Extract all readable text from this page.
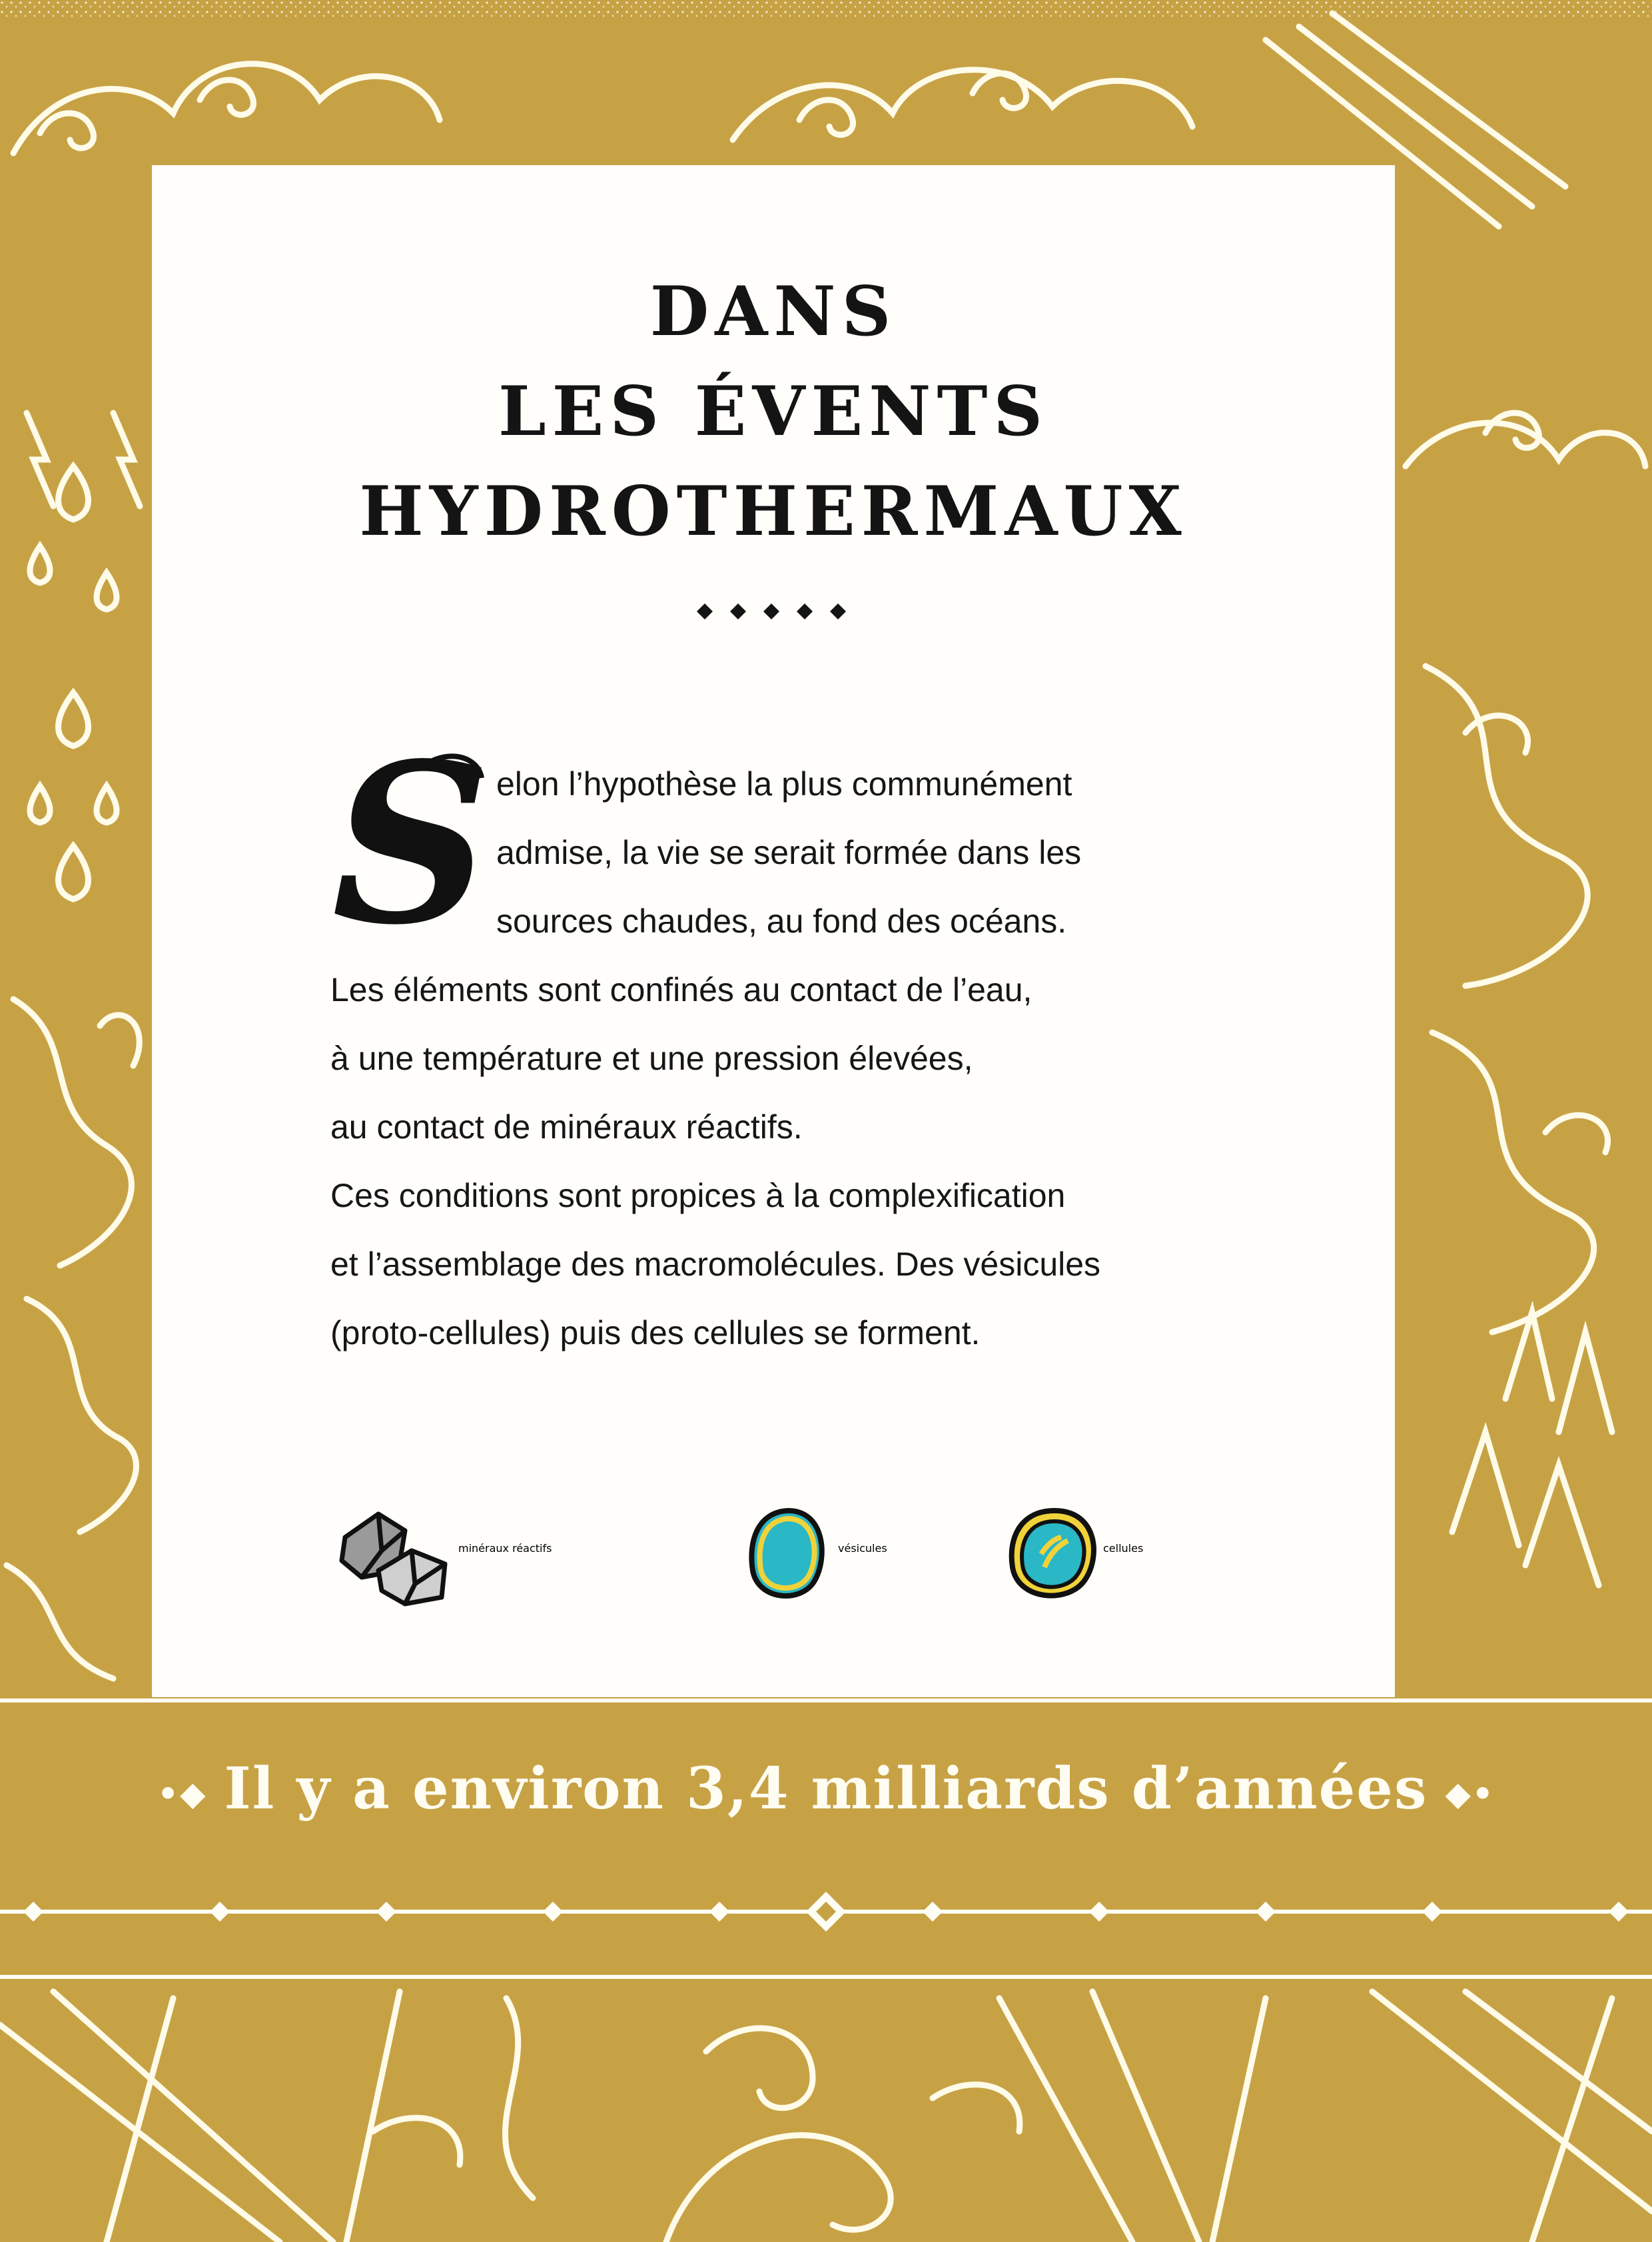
DANS
LES ÉVENTS
HYDROTHERMAUX
S elon l’hypothèse la plus communément
admise, la vie se serait formée dans les
sources chaudes, au fond des océans.
Les éléments sont confinés au contact de l’eau,
à une température et une pression élevées,
au contact de minéraux réactifs.
Ces conditions sont propices à la complexification
et l’assemblage des macromolécules. Des vésicules
(proto-cellules) puis des cellules se forment.
minéraux réactifs	vésicules	cellules
•◆ Il y a environ 3,4 milliards d’années ◆•
